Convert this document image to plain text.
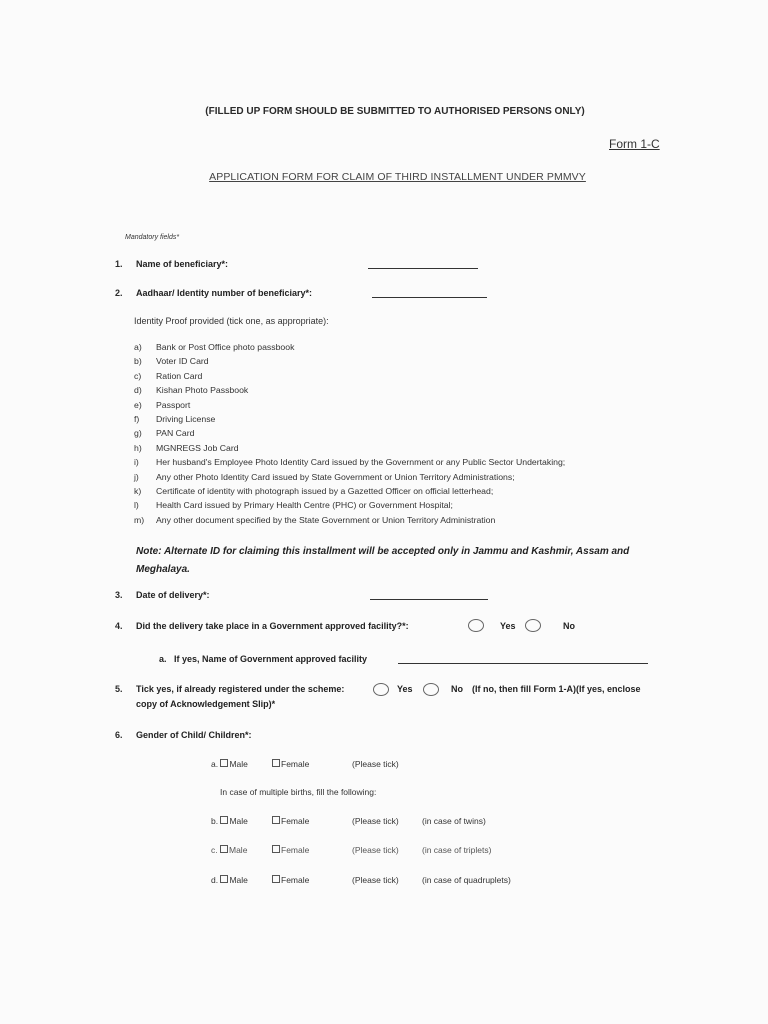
(FILLED UP FORM SHOULD BE SUBMITTED TO AUTHORISED PERSONS ONLY)
Form 1-C
APPLICATION FORM FOR CLAIM OF THIRD INSTALLMENT UNDER PMMVY
Mandatory fields*
1. Name of beneficiary*:
2. Aadhaar/ Identity number of beneficiary*:
Identity Proof provided (tick one, as appropriate):
a) Bank or Post Office photo passbook
b) Voter ID Card
c) Ration Card
d) Kishan Photo Passbook
e) Passport
f) Driving License
g) PAN Card
h) MGNREGS Job Card
i) Her husband's Employee Photo Identity Card issued by the Government or any Public Sector Undertaking;
j) Any other Photo Identity Card issued by State Government or Union Territory Administrations;
k) Certificate of identity with photograph issued by a Gazetted Officer on official letterhead;
l) Health Card issued by Primary Health Centre (PHC) or Government Hospital;
m) Any other document specified by the State Government or Union Territory Administration
Note: Alternate ID for claiming this installment will be accepted only in Jammu and Kashmir, Assam and Meghalaya.
3. Date of delivery*:
4. Did the delivery take place in a Government approved facility?*:	Yes	No
a.   If yes, Name of Government approved facility
5. Tick yes, if already registered under the scheme:	Yes	No (If no, then fill Form 1-A)(If yes, enclose
copy of Acknowledgement Slip)*
6. Gender of Child/ Children*:
a. Male	Female	(Please tick)
In case of multiple births, fill the following:
b. Male	Female	(Please tick)	(in case of twins)
c. Male	Female	(Please tick)	(in case of triplets)
d. Male	Female	(Please tick)	(in case of quadruplets)
